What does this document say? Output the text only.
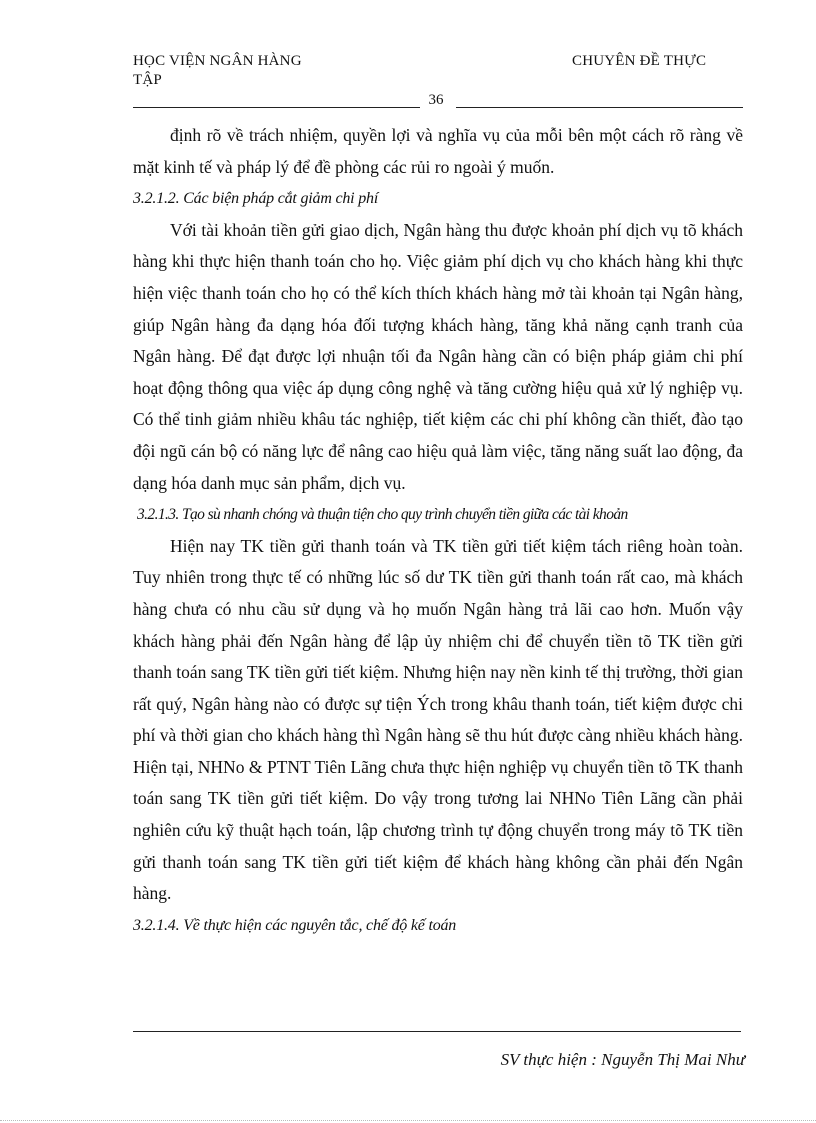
HỌC VIỆN NGÂN HÀNG
TẬP
CHUYÊN ĐỀ THỰC
36

định rõ về trách nhiệm, quyền lợi và nghĩa vụ của mỗi bên một cách rõ ràng về mặt kinh tế và pháp lý để đề phòng các rủi ro ngoài ý muốn.

3.2.1.2. Các biện pháp cắt giảm chi phí

Với tài khoản tiền gửi giao dịch, Ngân hàng thu được khoản phí dịch vụ tõ khách hàng khi thực hiện thanh toán cho họ. Việc giảm phí dịch vụ cho khách hàng khi thực hiện việc thanh toán cho họ có thể kích thích khách hàng mở tài khoản tại Ngân hàng, giúp Ngân hàng đa dạng hóa đối tượng khách hàng, tăng khả năng cạnh tranh của Ngân hàng. Để đạt được lợi nhuận tối đa Ngân hàng cần có biện pháp giảm chi phí hoạt động thông qua việc áp dụng công nghệ và tăng cường hiệu quả xử lý nghiệp vụ. Có thể tinh giảm nhiều khâu tác nghiệp, tiết kiệm các chi phí không cần thiết, đào tạo đội ngũ cán bộ có năng lực để nâng cao hiệu quả làm việc, tăng năng suất lao động, đa dạng hóa danh mục sản phẩm, dịch vụ.

3.2.1.3. Tạo sù nhanh chóng và thuận tiện cho quy trình chuyển tiền giữa các tài khoản

Hiện nay TK tiền gửi thanh toán và TK tiền gửi tiết kiệm tách riêng hoàn toàn. Tuy nhiên trong thực tế có những lúc số dư TK tiền gửi thanh toán rất cao, mà khách hàng chưa có nhu cầu sử dụng và họ muốn Ngân hàng trả lãi cao hơn. Muốn vậy khách hàng phải đến Ngân hàng để lập ủy nhiệm chi để chuyển tiền tõ TK tiền gửi thanh toán sang TK tiền gửi tiết kiệm. Nhưng hiện nay nền kinh tế thị trường, thời gian rất quý, Ngân hàng nào có được sự tiện Ých trong khâu thanh toán, tiết kiệm được chi phí và thời gian cho khách hàng thì Ngân hàng sẽ thu hút được càng nhiều khách hàng. Hiện tại, NHNo & PTNT Tiên Lãng chưa thực hiện nghiệp vụ chuyển tiền tõ TK thanh toán sang TK tiền gửi tiết kiệm. Do vậy trong tương lai NHNo Tiên Lãng cần phải nghiên cứu kỹ thuật hạch toán, lập chương trình tự động chuyển trong máy tõ TK tiền gửi thanh toán sang TK tiền gửi tiết kiệm để khách hàng không cần phải đến Ngân hàng.

3.2.1.4. Về thực hiện các nguyên tắc, chế độ kế toán

SV thực hiện : Nguyễn Thị Mai Như
